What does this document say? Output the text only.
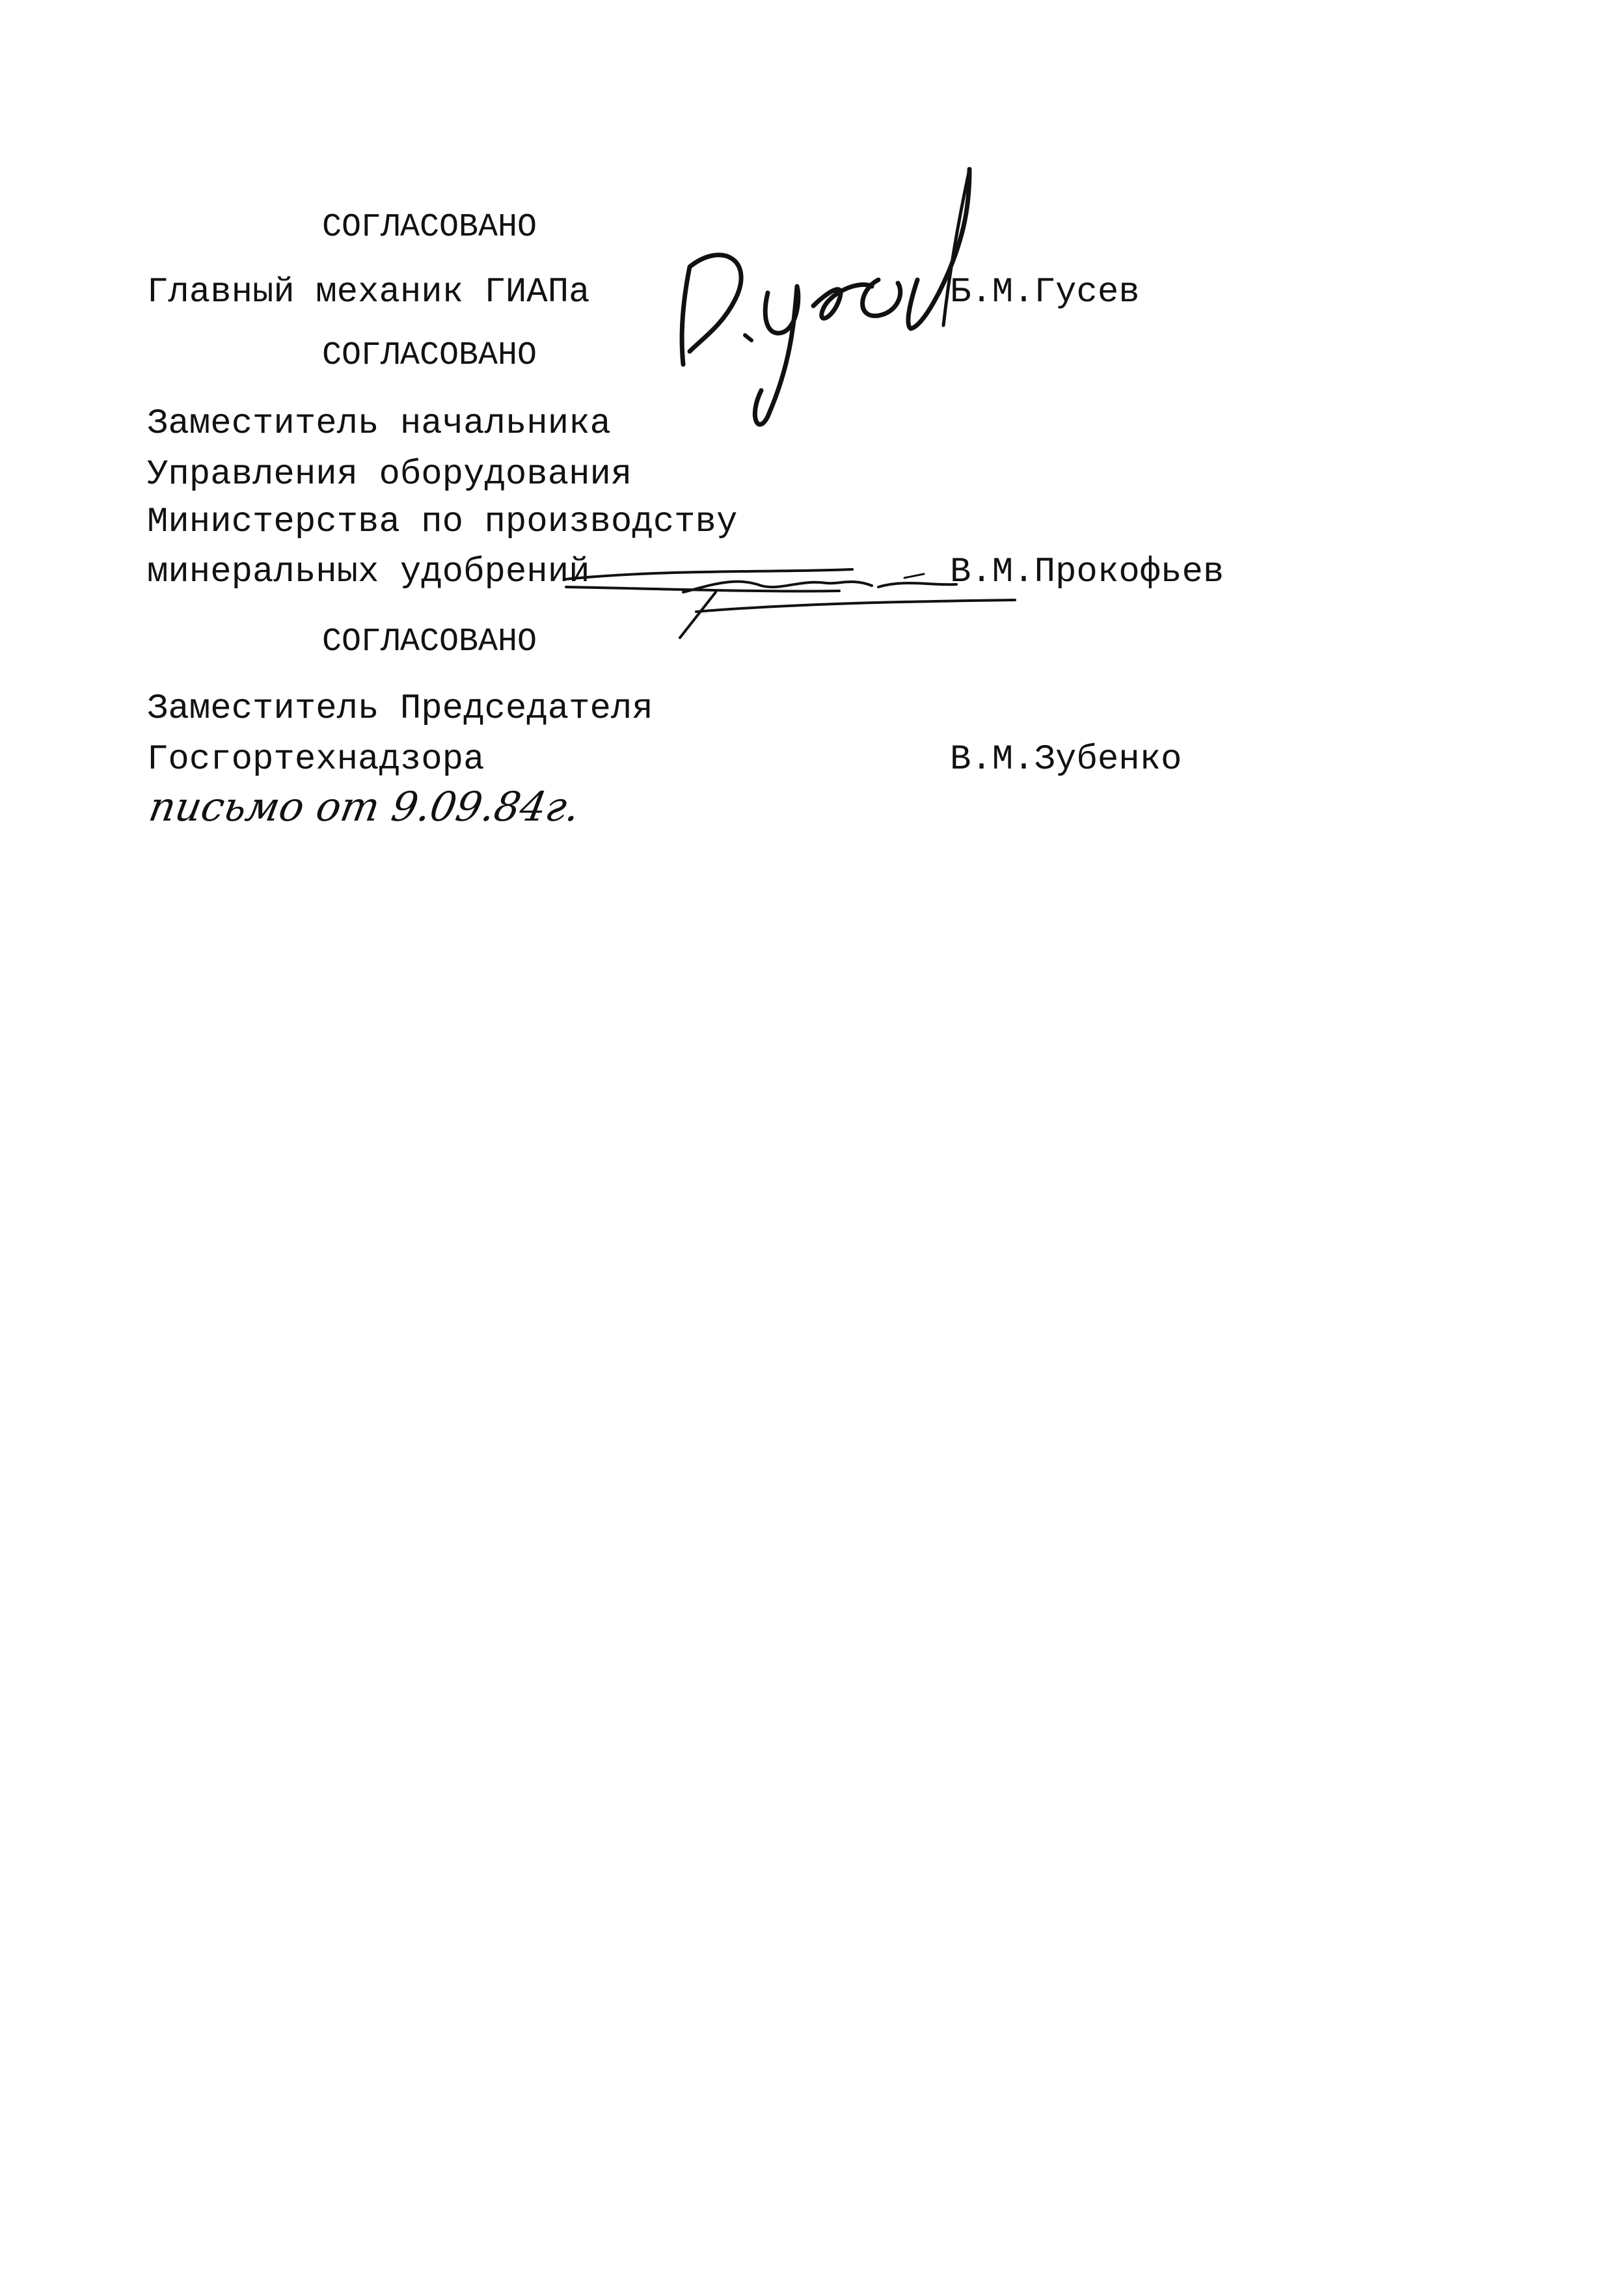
СОГЛАСОВАНО
Главный механик ГИАПа	Б.М.Гусев
СОГЛАСОВАНО
Заместитель начальника
Управления оборудования
Министерства по производству
минеральных удобрений	В.М.Прокофьев
СОГЛАСОВАНО
Заместитель Председателя
Госгортехнадзора	В.М.Зубенко
письмо от 9.09.84г.
